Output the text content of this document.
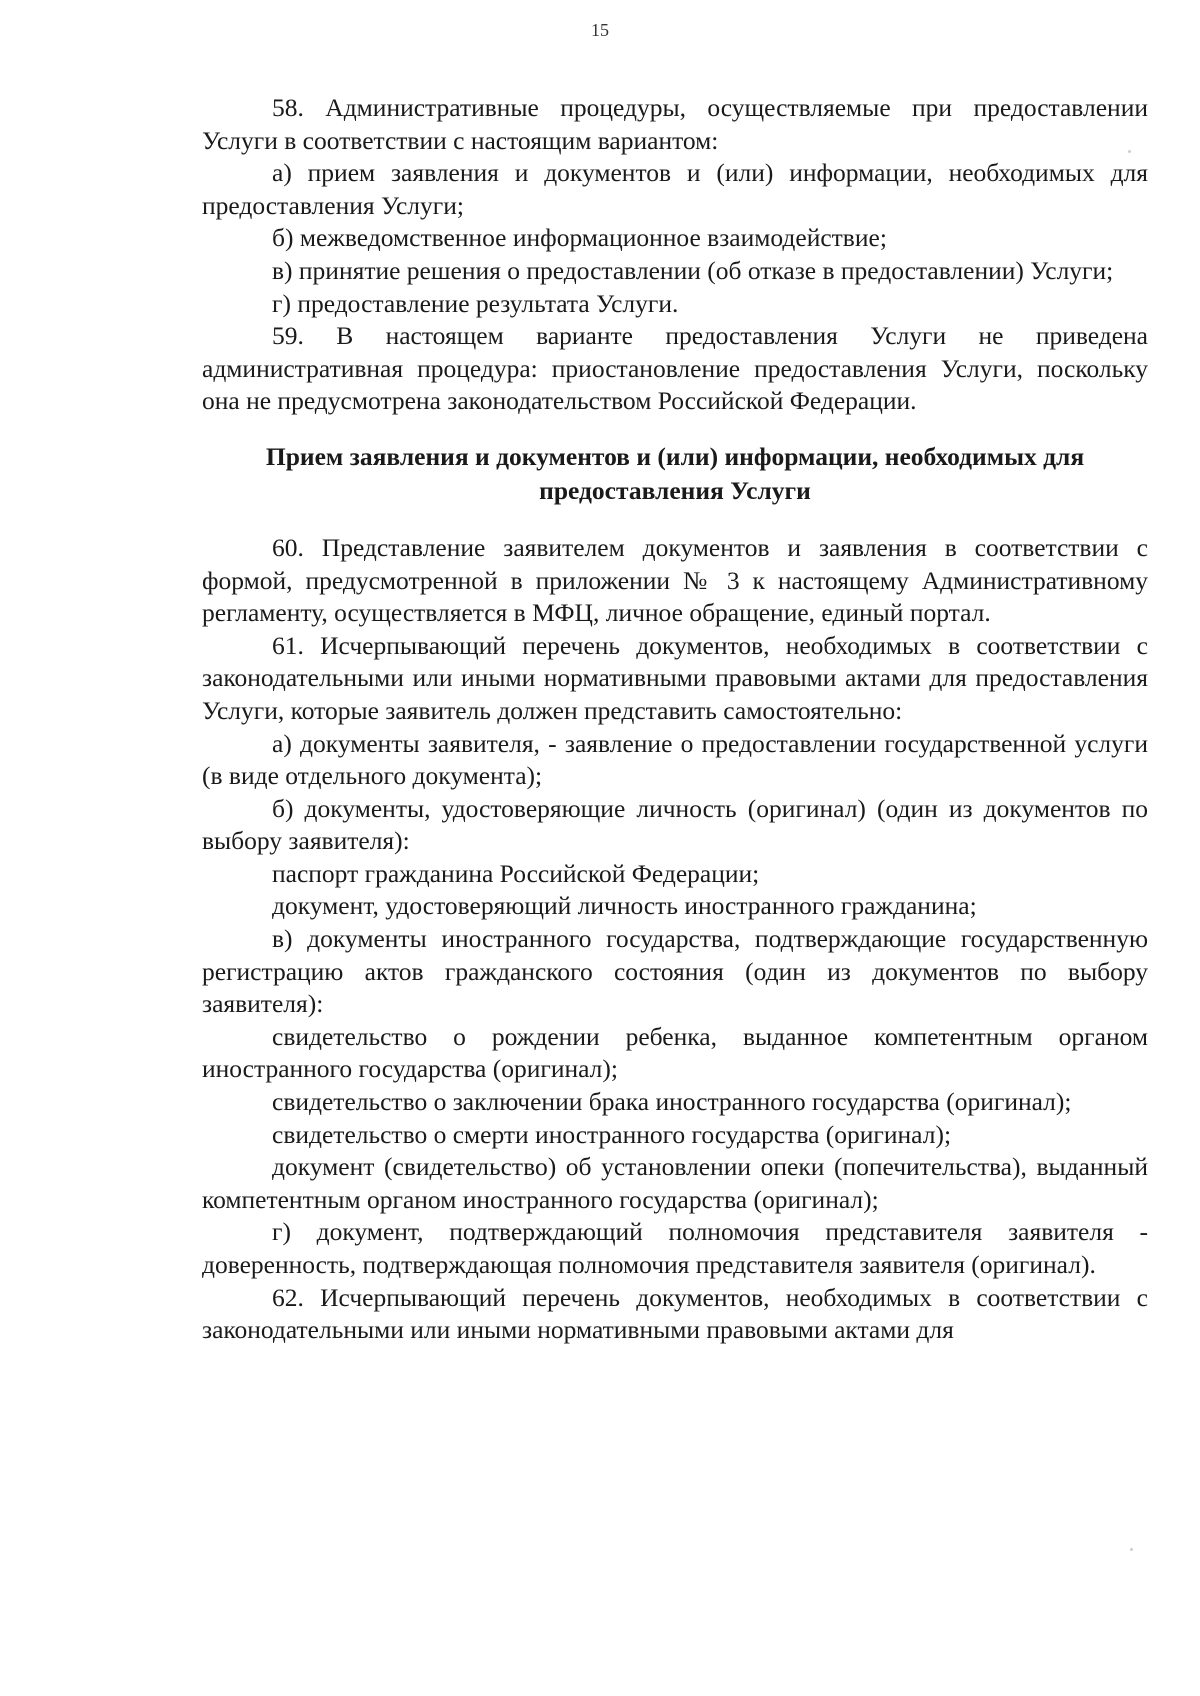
15

58. Административные процедуры, осуществляемые при предоставлении Услуги в соответствии с настоящим вариантом:

а) прием заявления и документов и (или) информации, необходимых для предоставления Услуги;

б) межведомственное информационное взаимодействие;

в) принятие решения о предоставлении (об отказе в предоставлении) Услуги;

г) предоставление результата Услуги.

59. В настоящем варианте предоставления Услуги не приведена административная процедура: приостановление предоставления Услуги, поскольку она не предусмотрена законодательством Российской Федерации.

Прием заявления и документов и (или) информации, необходимых для предоставления Услуги

60. Представление заявителем документов и заявления в соответствии с формой, предусмотренной в приложении № 3 к настоящему Административному регламенту, осуществляется в МФЦ, личное обращение, единый портал.

61. Исчерпывающий перечень документов, необходимых в соответствии с законодательными или иными нормативными правовыми актами для предоставления Услуги, которые заявитель должен представить самостоятельно:

а) документы заявителя, - заявление о предоставлении государственной услуги (в виде отдельного документа);

б) документы, удостоверяющие личность (оригинал) (один из документов по выбору заявителя):

паспорт гражданина Российской Федерации;

документ, удостоверяющий личность иностранного гражданина;

в) документы иностранного государства, подтверждающие государственную регистрацию актов гражданского состояния (один из документов по выбору заявителя):

свидетельство о рождении ребенка, выданное компетентным органом иностранного государства (оригинал);

свидетельство о заключении брака иностранного государства (оригинал);

свидетельство о смерти иностранного государства (оригинал);

документ (свидетельство) об установлении опеки (попечительства), выданный компетентным органом иностранного государства (оригинал);

г) документ, подтверждающий полномочия представителя заявителя - доверенность, подтверждающая полномочия представителя заявителя (оригинал).

62. Исчерпывающий перечень документов, необходимых в соответствии с законодательными или иными нормативными правовыми актами для
